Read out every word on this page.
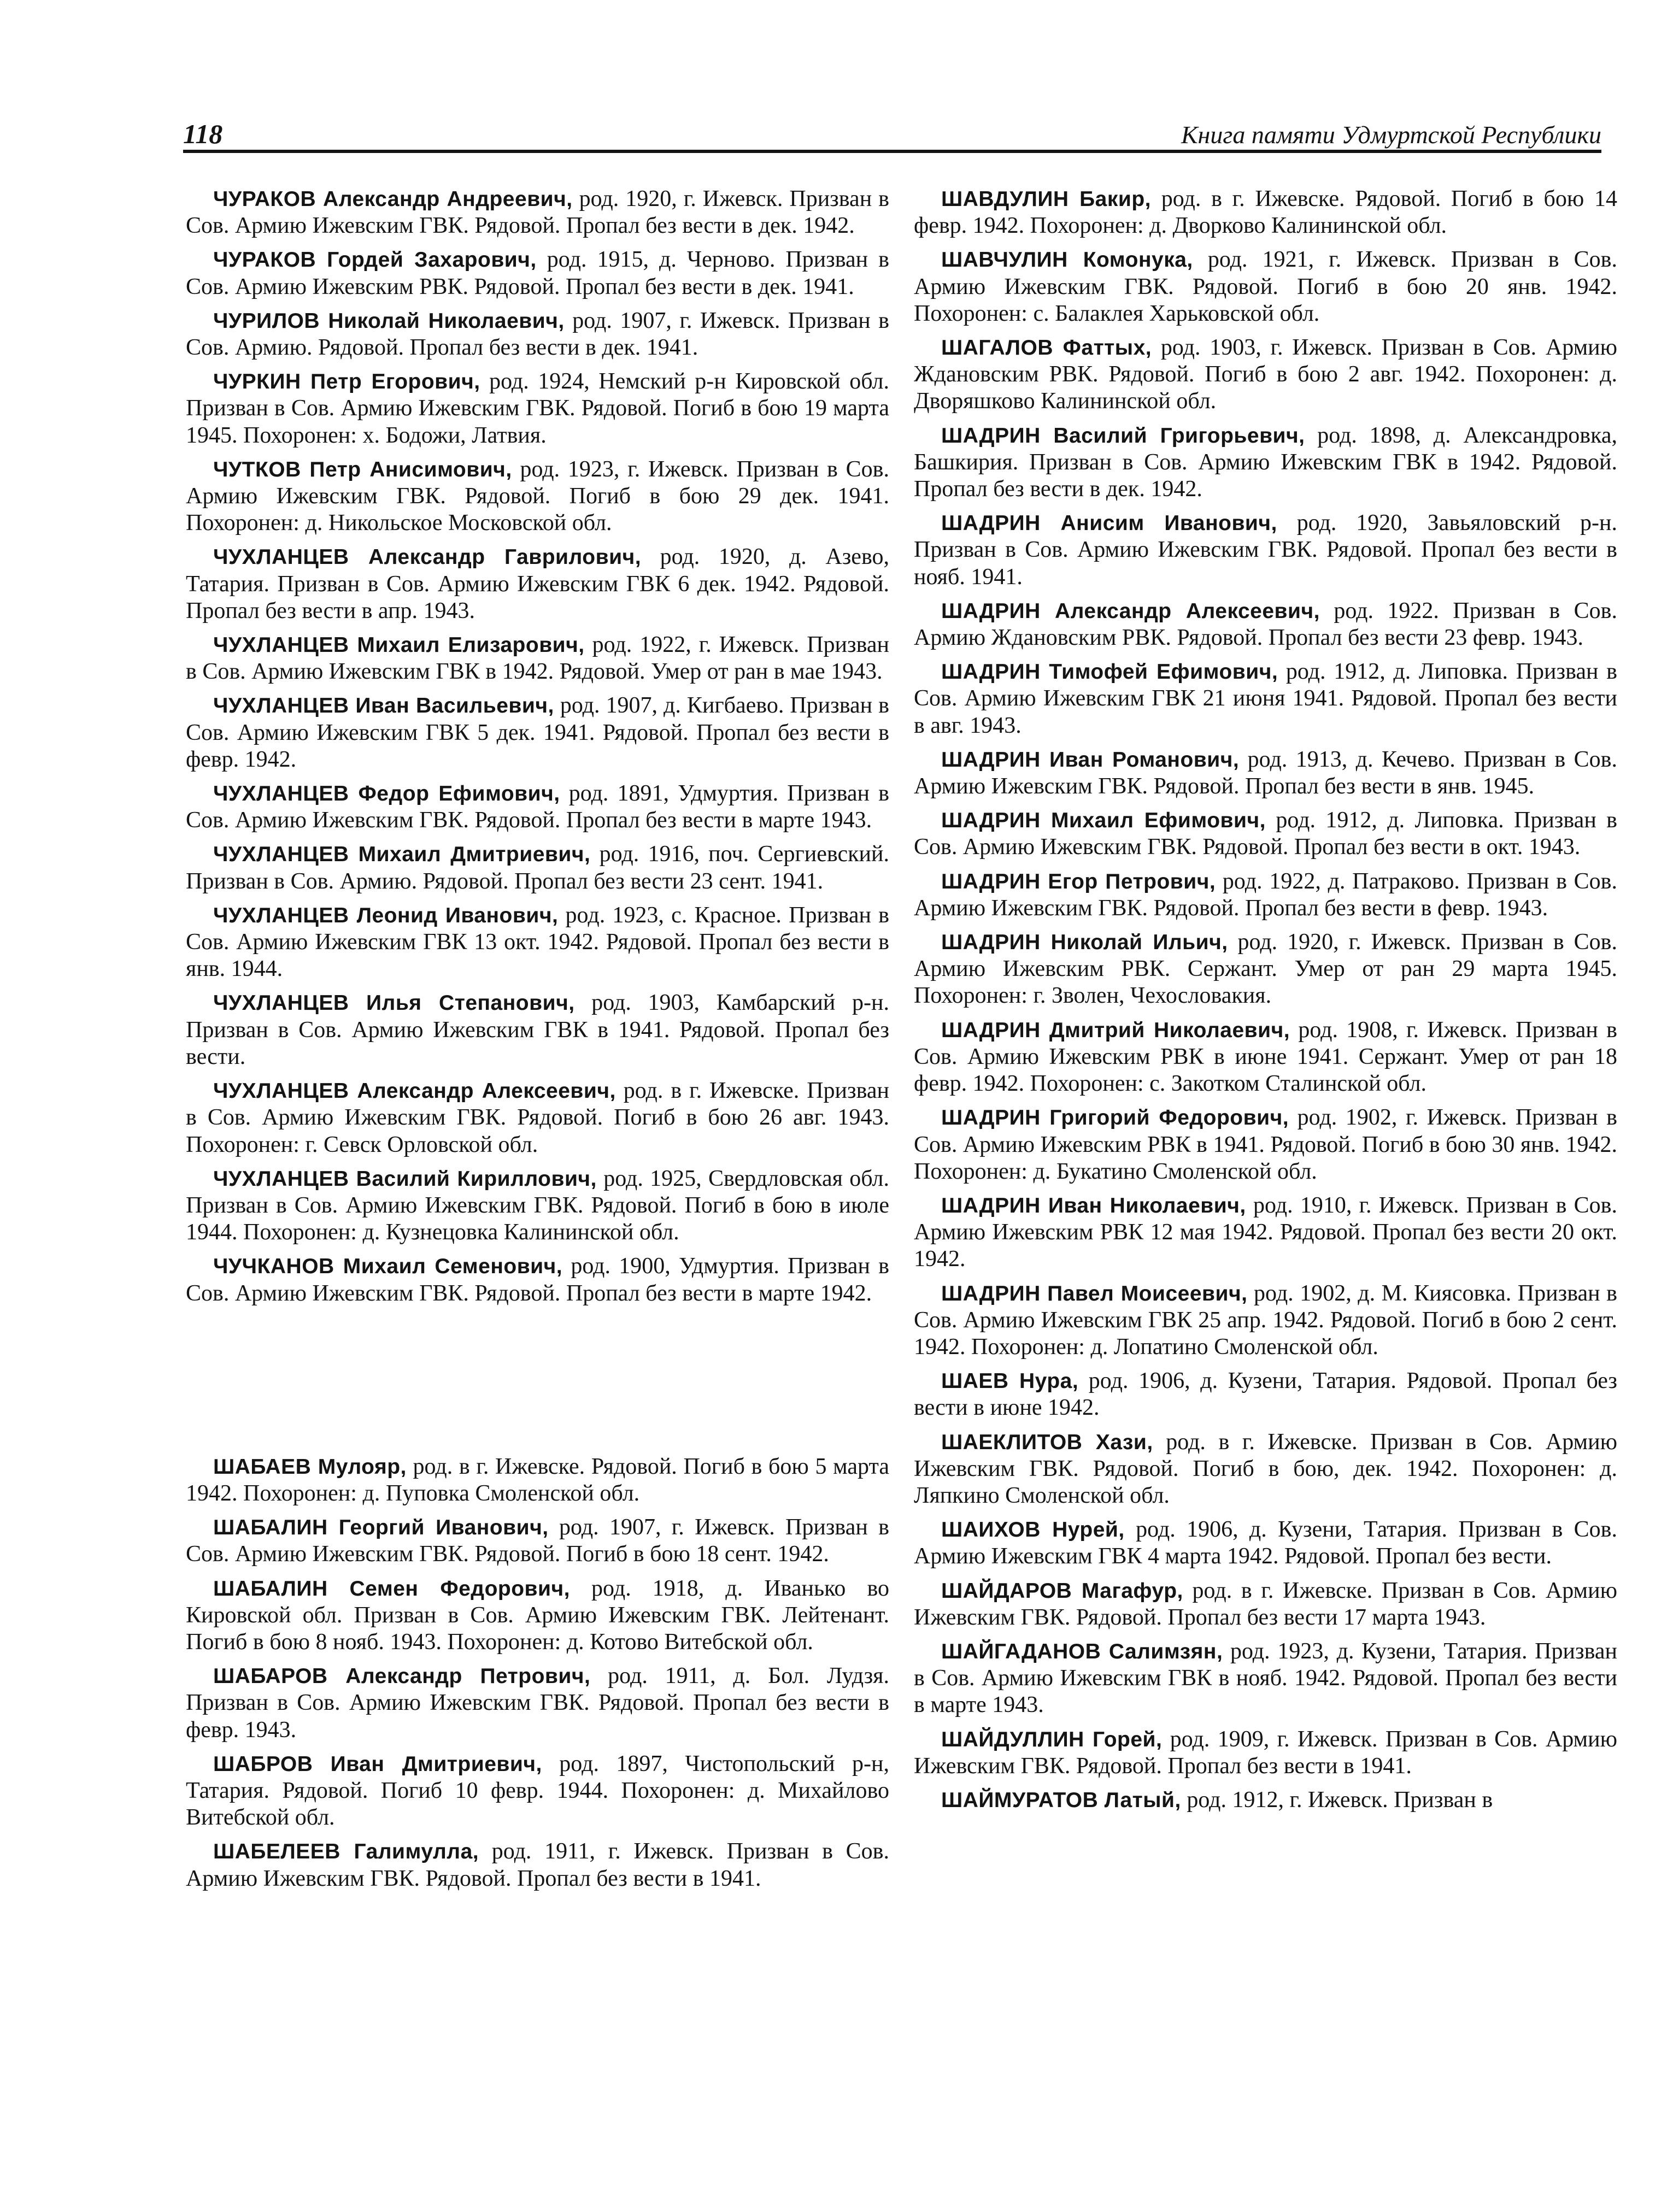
118	Книга памяти Удмуртской Республики

ЧУРАКОВ Александр Андреевич, род. 1920, г. Ижевск. Призван в Сов. Армию Ижевским ГВК. Рядовой. Пропал без вести в дек. 1942.

ЧУРАКОВ Гордей Захарович, род. 1915, д. Черново. Призван в Сов. Армию Ижевским РВК. Рядовой. Пропал без вести в дек. 1941.

ЧУРИЛОВ Николай Николаевич, род. 1907, г. Ижевск. Призван в Сов. Армию. Рядовой. Пропал без вести в дек. 1941.

ЧУРКИН Петр Егорович, род. 1924, Немский р-н Кировской обл. Призван в Сов. Армию Ижевским ГВК. Рядовой. Погиб в бою 19 марта 1945. Похоронен: х. Бодожи, Латвия.

ЧУТКОВ Петр Анисимович, род. 1923, г. Ижевск. Призван в Сов. Армию Ижевским ГВК. Рядовой. Погиб в бою 29 дек. 1941. Похоронен: д. Никольское Московской обл.

ЧУХЛАНЦЕВ Александр Гаврилович, род. 1920, д. Азево, Татария. Призван в Сов. Армию Ижевским ГВК 6 дек. 1942. Рядовой. Пропал без вести в апр. 1943.

ЧУХЛАНЦЕВ Михаил Елизарович, род. 1922, г. Ижевск. Призван в Сов. Армию Ижевским ГВК в 1942. Рядовой. Умер от ран в мае 1943.

ЧУХЛАНЦЕВ Иван Васильевич, род. 1907, д. Кигбаево. Призван в Сов. Армию Ижевским ГВК 5 дек. 1941. Рядовой. Пропал без вести в февр. 1942.

ЧУХЛАНЦЕВ Федор Ефимович, род. 1891, Удмуртия. Призван в Сов. Армию Ижевским ГВК. Рядовой. Пропал без вести в марте 1943.

ЧУХЛАНЦЕВ Михаил Дмитриевич, род. 1916, поч. Сергиевский. Призван в Сов. Армию. Рядовой. Пропал без вести 23 сент. 1941.

ЧУХЛАНЦЕВ Леонид Иванович, род. 1923, с. Красное. Призван в Сов. Армию Ижевским ГВК 13 окт. 1942. Рядовой. Пропал без вести в янв. 1944.

ЧУХЛАНЦЕВ Илья Степанович, род. 1903, Камбарский р-н. Призван в Сов. Армию Ижевским ГВК в 1941. Рядовой. Пропал без вести.

ЧУХЛАНЦЕВ Александр Алексеевич, род. в г. Ижевске. Призван в Сов. Армию Ижевским ГВК. Рядовой. Погиб в бою 26 авг. 1943. Похоронен: г. Севск Орловской обл.

ЧУХЛАНЦЕВ Василий Кириллович, род. 1925, Свердловская обл. Призван в Сов. Армию Ижевским ГВК. Рядовой. Погиб в бою в июле 1944. Похоронен: д. Кузнецовка Калининской обл.

ЧУЧКАНОВ Михаил Семенович, род. 1900, Удмуртия. Призван в Сов. Армию Ижевским ГВК. Рядовой. Пропал без вести в марте 1942.

ШАБАЕВ Мулояр, род. в г. Ижевске. Рядовой. Погиб в бою 5 марта 1942. Похоронен: д. Пуповка Смоленской обл.

ШАБАЛИН Георгий Иванович, род. 1907, г. Ижевск. Призван в Сов. Армию Ижевским ГВК. Рядовой. Погиб в бою 18 сент. 1942.

ШАБАЛИН Семен Федорович, род. 1918, д. Иванько во Кировской обл. Призван в Сов. Армию Ижевским ГВК. Лейтенант. Погиб в бою 8 нояб. 1943. Похоронен: д. Котово Витебской обл.

ШАБАРОВ Александр Петрович, род. 1911, д. Бол. Лудзя. Призван в Сов. Армию Ижевским ГВК. Рядовой. Пропал без вести в февр. 1943.

ШАБРОВ Иван Дмитриевич, род. 1897, Чистопольский р-н, Татария. Рядовой. Погиб 10 февр. 1944. Похоронен: д. Михайлово Витебской обл.

ШАБЕЛЕЕВ Галимулла, род. 1911, г. Ижевск. Призван в Сов. Армию Ижевским ГВК. Рядовой. Пропал без вести в 1941.

ШАВДУЛИН Бакир, род. в г. Ижевске. Рядовой. Погиб в бою 14 февр. 1942. Похоронен: д. Дворково Калининской обл.

ШАВЧУЛИН Комонука, род. 1921, г. Ижевск. Призван в Сов. Армию Ижевским ГВК. Рядовой. Погиб в бою 20 янв. 1942. Похоронен: с. Балаклея Харьковской обл.

ШАГАЛОВ Фаттых, род. 1903, г. Ижевск. Призван в Сов. Армию Ждановским РВК. Рядовой. Погиб в бою 2 авг. 1942. Похоронен: д. Дворяшково Калининской обл.

ШАДРИН Василий Григорьевич, род. 1898, д. Александровка, Башкирия. Призван в Сов. Армию Ижевским ГВК в 1942. Рядовой. Пропал без вести в дек. 1942.

ШАДРИН Анисим Иванович, род. 1920, Завьяловский р-н. Призван в Сов. Армию Ижевским ГВК. Рядовой. Пропал без вести в нояб. 1941.

ШАДРИН Александр Алексеевич, род. 1922. Призван в Сов. Армию Ждановским РВК. Рядовой. Пропал без вести 23 февр. 1943.

ШАДРИН Тимофей Ефимович, род. 1912, д. Липовка. Призван в Сов. Армию Ижевским ГВК 21 июня 1941. Рядовой. Пропал без вести в авг. 1943.

ШАДРИН Иван Романович, род. 1913, д. Кечево. Призван в Сов. Армию Ижевским ГВК. Рядовой. Пропал без вести в янв. 1945.

ШАДРИН Михаил Ефимович, род. 1912, д. Липовка. Призван в Сов. Армию Ижевским ГВК. Рядовой. Пропал без вести в окт. 1943.

ШАДРИН Егор Петрович, род. 1922, д. Патраково. Призван в Сов. Армию Ижевским ГВК. Рядовой. Пропал без вести в февр. 1943.

ШАДРИН Николай Ильич, род. 1920, г. Ижевск. Призван в Сов. Армию Ижевским РВК. Сержант. Умер от ран 29 марта 1945. Похоронен: г. Зволен, Чехословакия.

ШАДРИН Дмитрий Николаевич, род. 1908, г. Ижевск. Призван в Сов. Армию Ижевским РВК в июне 1941. Сержант. Умер от ран 18 февр. 1942. Похоронен: с. Закотком Сталинской обл.

ШАДРИН Григорий Федорович, род. 1902, г. Ижевск. Призван в Сов. Армию Ижевским РВК в 1941. Рядовой. Погиб в бою 30 янв. 1942. Похоронен: д. Букатино Смоленской обл.

ШАДРИН Иван Николаевич, род. 1910, г. Ижевск. Призван в Сов. Армию Ижевским РВК 12 мая 1942. Рядовой. Пропал без вести 20 окт. 1942.

ШАДРИН Павел Моисеевич, род. 1902, д. М. Киясовка. Призван в Сов. Армию Ижевским ГВК 25 апр. 1942. Рядовой. Погиб в бою 2 сент. 1942. Похоронен: д. Лопатино Смоленской обл.

ШАЕВ Нура, род. 1906, д. Кузени, Татария. Рядовой. Пропал без вести в июне 1942.

ШАЕКЛИТОВ Хази, род. в г. Ижевске. Призван в Сов. Армию Ижевским ГВК. Рядовой. Погиб в бою, дек. 1942. Похоронен: д. Ляпкино Смоленской обл.

ШАИХОВ Нурей, род. 1906, д. Кузени, Татария. Призван в Сов. Армию Ижевским ГВК 4 марта 1942. Рядовой. Пропал без вести.

ШАЙДАРОВ Магафур, род. в г. Ижевске. Призван в Сов. Армию Ижевским ГВК. Рядовой. Пропал без вести 17 марта 1943.

ШАЙГАДАНОВ Салимзян, род. 1923, д. Кузени, Татария. Призван в Сов. Армию Ижевским ГВК в нояб. 1942. Рядовой. Пропал без вести в марте 1943.

ШАЙДУЛЛИН Горей, род. 1909, г. Ижевск. Призван в Сов. Армию Ижевским ГВК. Рядовой. Пропал без вести в 1941.

ШАЙМУРАТОВ Латый, род. 1912, г. Ижевск. Призван в
